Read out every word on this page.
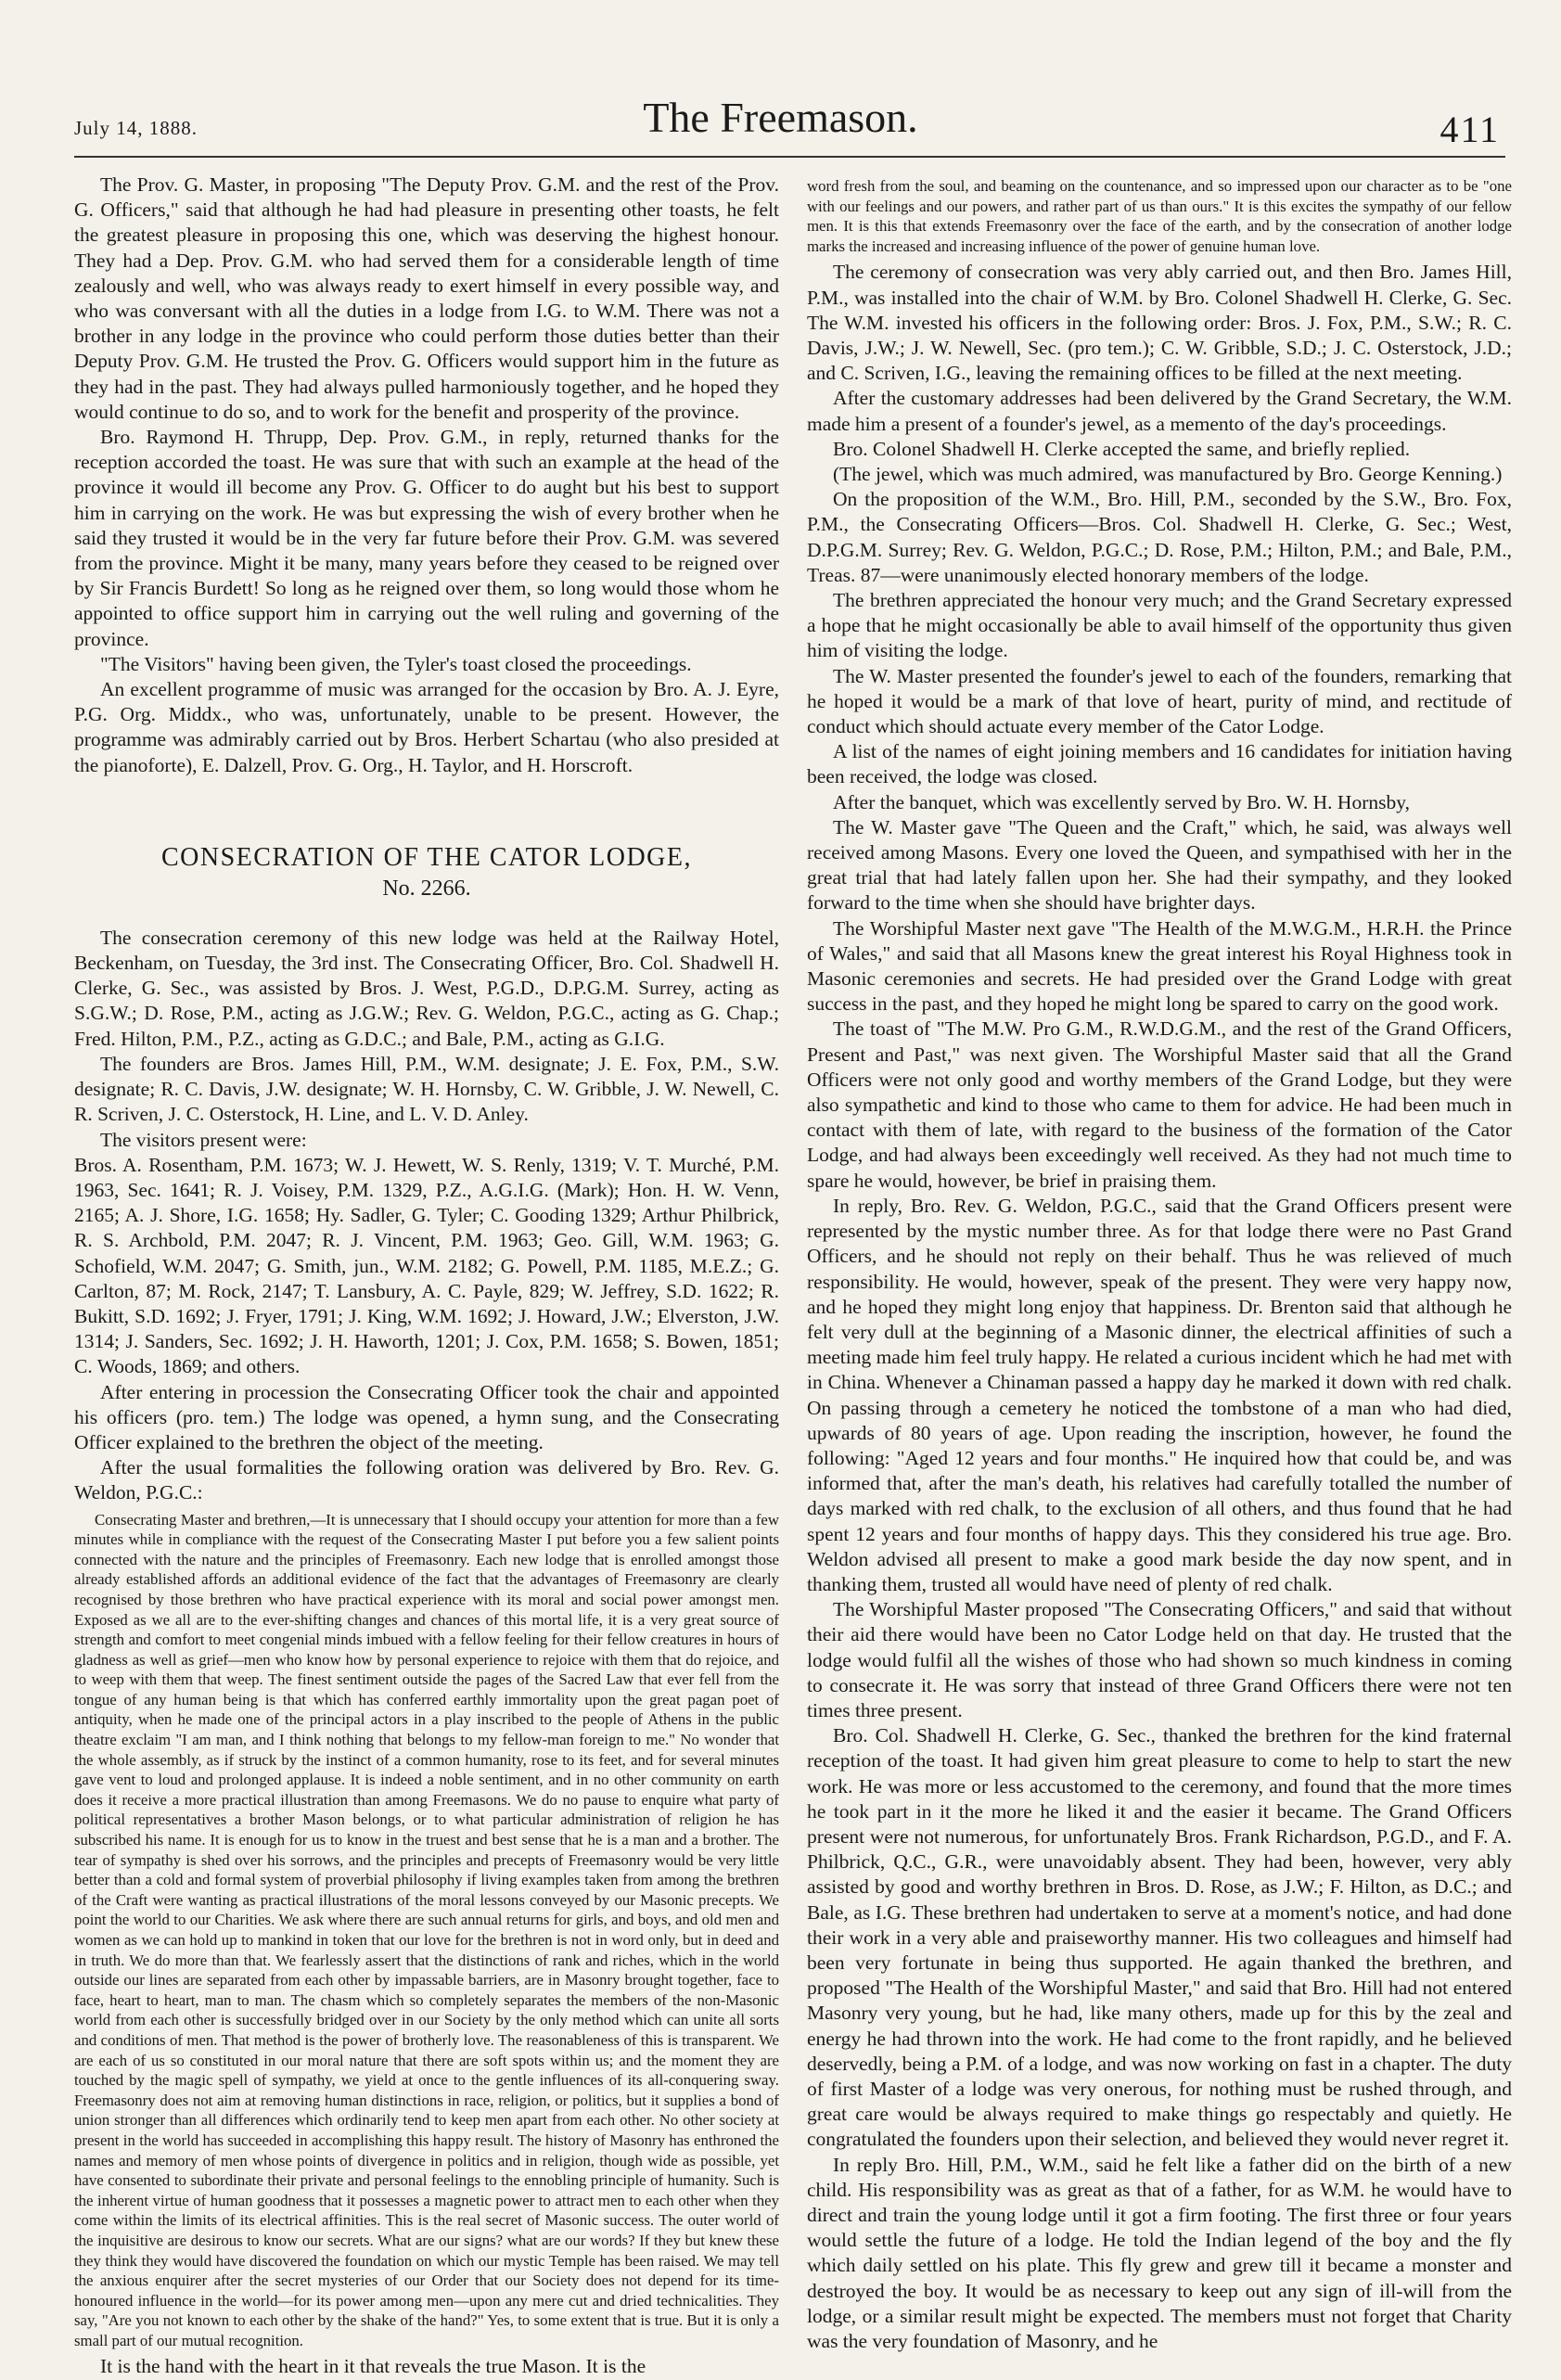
July 14, 1888.	The Freemason.	411

The Prov. G. Master, in proposing "The Deputy Prov. G.M. and the rest of the Prov. G. Officers," said that although he had had pleasure in presenting other toasts, he felt the greatest pleasure in proposing this one, which was deserving the highest honour. They had a Dep. Prov. G.M. who had served them for a considerable length of time zealously and well, who was always ready to exert himself in every possible way, and who was conversant with all the duties in a lodge from I.G. to W.M. There was not a brother in any lodge in the province who could perform those duties better than their Deputy Prov. G.M. He trusted the Prov. G. Officers would support him in the future as they had in the past. They had always pulled harmoniously together, and he hoped they would continue to do so, and to work for the benefit and prosperity of the province.

Bro. Raymond H. Thrupp, Dep. Prov. G.M., in reply, returned thanks for the reception accorded the toast. He was sure that with such an example at the head of the province it would ill become any Prov. G. Officer to do aught but his best to support him in carrying on the work. He was but expressing the wish of every brother when he said they trusted it would be in the very far future before their Prov. G.M. was severed from the province. Might it be many, many years before they ceased to be reigned over by Sir Francis Burdett! So long as he reigned over them, so long would those whom he appointed to office support him in carrying out the well ruling and governing of the province.

"The Visitors" having been given, the Tyler's toast closed the proceedings.

An excellent programme of music was arranged for the occasion by Bro. A. J. Eyre, P.G. Org. Middx., who was, unfortunately, unable to be present. However, the programme was admirably carried out by Bros. Herbert Schartau (who also presided at the pianoforte), E. Dalzell, Prov. G. Org., H. Taylor, and H. Horscroft.

CONSECRATION OF THE CATOR LODGE,
No. 2266.

The consecration ceremony of this new lodge was held at the Railway Hotel, Beckenham, on Tuesday, the 3rd inst. The Consecrating Officer, Bro. Col. Shadwell H. Clerke, G. Sec., was assisted by Bros. J. West, P.G.D., D.P.G.M. Surrey, acting as S.G.W.; D. Rose, P.M., acting as J.G.W.; Rev. G. Weldon, P.G.C., acting as G. Chap.; Fred. Hilton, P.M., P.Z., acting as G.D.C.; and Bale, P.M., acting as G.I.G.

The founders are Bros. James Hill, P.M., W.M. designate; J. E. Fox, P.M., S.W. designate; R. C. Davis, J.W. designate; W. H. Hornsby, C. W. Gribble, J. W. Newell, C. R. Scriven, J. C. Osterstock, H. Line, and L. V. D. Anley.

The visitors present were:

Bros. A. Rosentham, P.M. 1673; W. J. Hewett, W. S. Renly, 1319; V. T. Murché, P.M. 1963, Sec. 1641; R. J. Voisey, P.M. 1329, P.Z., A.G.I.G. (Mark); Hon. H. W. Venn, 2165; A. J. Shore, I.G. 1658; Hy. Sadler, G. Tyler; C. Gooding 1329; Arthur Philbrick, R. S. Archbold, P.M. 2047; R. J. Vincent, P.M. 1963; Geo. Gill, W.M. 1963; G. Schofield, W.M. 2047; G. Smith, jun., W.M. 2182; G. Powell, P.M. 1185, M.E.Z.; G. Carlton, 87; M. Rock, 2147; T. Lansbury, A. C. Payle, 829; W. Jeffrey, S.D. 1622; R. Bukitt, S.D. 1692; J. Fryer, 1791; J. King, W.M. 1692; J. Howard, J.W.; Elverston, J.W. 1314; J. Sanders, Sec. 1692; J. H. Haworth, 1201; J. Cox, P.M. 1658; S. Bowen, 1851; C. Woods, 1869; and others.

After entering in procession the Consecrating Officer took the chair and appointed his officers (pro. tem.) The lodge was opened, a hymn sung, and the Consecrating Officer explained to the brethren the object of the meeting.

After the usual formalities the following oration was delivered by Bro. Rev. G. Weldon, P.G.C.:

Consecrating Master and brethren,—It is unnecessary that I should occupy your attention for more than a few minutes while in compliance with the request of the Consecrating Master I put before you a few salient points connected with the nature and the principles of Freemasonry. Each new lodge that is enrolled amongst those already established affords an additional evidence of the fact that the advantages of Freemasonry are clearly recognised by those brethren who have practical experience with its moral and social power amongst men. Exposed as we all are to the ever-shifting changes and chances of this mortal life, it is a very great source of strength and comfort to meet congenial minds imbued with a fellow feeling for their fellow creatures in hours of gladness as well as grief—men who know how by personal experience to rejoice with them that do rejoice, and to weep with them that weep. The finest sentiment outside the pages of the Sacred Law that ever fell from the tongue of any human being is that which has conferred earthly immortality upon the great pagan poet of antiquity, when he made one of the principal actors in a play inscribed to the people of Athens in the public theatre exclaim "I am man, and I think nothing that belongs to my fellow-man foreign to me." No wonder that the whole assembly, as if struck by the instinct of a common humanity, rose to its feet, and for several minutes gave vent to loud and prolonged applause. It is indeed a noble sentiment, and in no other community on earth does it receive a more practical illustration than among Freemasons. We do no pause to enquire what party of political representatives a brother Mason belongs, or to what particular administration of religion he has subscribed his name. It is enough for us to know in the truest and best sense that he is a man and a brother. The tear of sympathy is shed over his sorrows, and the principles and precepts of Freemasonry would be very little better than a cold and formal system of proverbial philosophy if living examples taken from among the brethren of the Craft were wanting as practical illustrations of the moral lessons conveyed by our Masonic precepts. We point the world to our Charities. We ask where there are such annual returns for girls, and boys, and old men and women as we can hold up to mankind in token that our love for the brethren is not in word only, but in deed and in truth. We do more than that. We fearlessly assert that the distinctions of rank and riches, which in the world outside our lines are separated from each other by impassable barriers, are in Masonry brought together, face to face, heart to heart, man to man. The chasm which so completely separates the members of the non-Masonic world from each other is successfully bridged over in our Society by the only method which can unite all sorts and conditions of men. That method is the power of brotherly love. The reasonableness of this is transparent. We are each of us so constituted in our moral nature that there are soft spots within us; and the moment they are touched by the magic spell of sympathy, we yield at once to the gentle influences of its all-conquering sway. Freemasonry does not aim at removing human distinctions in race, religion, or politics, but it supplies a bond of union stronger than all differences which ordinarily tend to keep men apart from each other. No other society at present in the world has succeeded in accomplishing this happy result. The history of Masonry has enthroned the names and memory of men whose points of divergence in politics and in religion, though wide as possible, yet have consented to subordinate their private and personal feelings to the ennobling principle of humanity. Such is the inherent virtue of human goodness that it possesses a magnetic power to attract men to each other when they come within the limits of its electrical affinities. This is the real secret of Masonic success. The outer world of the inquisitive are desirous to know our secrets. What are our signs? what are our words? If they but knew these they think they would have discovered the foundation on which our mystic Temple has been raised. We may tell the anxious enquirer after the secret mysteries of our Order that our Society does not depend for its time-honoured influence in the world—for its power among men—upon any mere cut and dried technicalities. They say, "Are you not known to each other by the shake of the hand?" Yes, to some extent that is true. But it is only a small part of our mutual recognition.

It is the hand with the heart in it that reveals the true Mason. It is the

word fresh from the soul, and beaming on the countenance, and so impressed upon our character as to be "one with our feelings and our powers, and rather part of us than ours." It is this excites the sympathy of our fellow men. It is this that extends Freemasonry over the face of the earth, and by the consecration of another lodge marks the increased and increasing influence of the power of genuine human love.

The ceremony of consecration was very ably carried out, and then Bro. James Hill, P.M., was installed into the chair of W.M. by Bro. Colonel Shadwell H. Clerke, G. Sec. The W.M. invested his officers in the following order: Bros. J. Fox, P.M., S.W.; R. C. Davis, J.W.; J. W. Newell, Sec. (pro tem.); C. W. Gribble, S.D.; J. C. Osterstock, J.D.; and C. Scriven, I.G., leaving the remaining offices to be filled at the next meeting.

After the customary addresses had been delivered by the Grand Secretary, the W.M. made him a present of a founder's jewel, as a memento of the day's proceedings.

Bro. Colonel Shadwell H. Clerke accepted the same, and briefly replied.

(The jewel, which was much admired, was manufactured by Bro. George Kenning.)

On the proposition of the W.M., Bro. Hill, P.M., seconded by the S.W., Bro. Fox, P.M., the Consecrating Officers—Bros. Col. Shadwell H. Clerke, G. Sec.; West, D.P.G.M. Surrey; Rev. G. Weldon, P.G.C.; D. Rose, P.M.; Hilton, P.M.; and Bale, P.M., Treas. 87—were unanimously elected honorary members of the lodge.

The brethren appreciated the honour very much; and the Grand Secretary expressed a hope that he might occasionally be able to avail himself of the opportunity thus given him of visiting the lodge.

The W. Master presented the founder's jewel to each of the founders, remarking that he hoped it would be a mark of that love of heart, purity of mind, and rectitude of conduct which should actuate every member of the Cator Lodge.

A list of the names of eight joining members and 16 candidates for initiation having been received, the lodge was closed.

After the banquet, which was excellently served by Bro. W. H. Hornsby,

The W. Master gave "The Queen and the Craft," which, he said, was always well received among Masons. Every one loved the Queen, and sympathised with her in the great trial that had lately fallen upon her. She had their sympathy, and they looked forward to the time when she should have brighter days.

The Worshipful Master next gave "The Health of the M.W.G.M., H.R.H. the Prince of Wales," and said that all Masons knew the great interest his Royal Highness took in Masonic ceremonies and secrets. He had presided over the Grand Lodge with great success in the past, and they hoped he might long be spared to carry on the good work.

The toast of "The M.W. Pro G.M., R.W.D.G.M., and the rest of the Grand Officers, Present and Past," was next given. The Worshipful Master said that all the Grand Officers were not only good and worthy members of the Grand Lodge, but they were also sympathetic and kind to those who came to them for advice. He had been much in contact with them of late, with regard to the business of the formation of the Cator Lodge, and had always been exceedingly well received. As they had not much time to spare he would, however, be brief in praising them.

In reply, Bro. Rev. G. Weldon, P.G.C., said that the Grand Officers present were represented by the mystic number three. As for that lodge there were no Past Grand Officers, and he should not reply on their behalf. Thus he was relieved of much responsibility. He would, however, speak of the present. They were very happy now, and he hoped they might long enjoy that happiness. Dr. Brenton said that although he felt very dull at the beginning of a Masonic dinner, the electrical affinities of such a meeting made him feel truly happy. He related a curious incident which he had met with in China. Whenever a Chinaman passed a happy day he marked it down with red chalk. On passing through a cemetery he noticed the tombstone of a man who had died, upwards of 80 years of age. Upon reading the inscription, however, he found the following: "Aged 12 years and four months." He inquired how that could be, and was informed that, after the man's death, his relatives had carefully totalled the number of days marked with red chalk, to the exclusion of all others, and thus found that he had spent 12 years and four months of happy days. This they considered his true age. Bro. Weldon advised all present to make a good mark beside the day now spent, and in thanking them, trusted all would have need of plenty of red chalk.

The Worshipful Master proposed "The Consecrating Officers," and said that without their aid there would have been no Cator Lodge held on that day. He trusted that the lodge would fulfil all the wishes of those who had shown so much kindness in coming to consecrate it. He was sorry that instead of three Grand Officers there were not ten times three present.

Bro. Col. Shadwell H. Clerke, G. Sec., thanked the brethren for the kind fraternal reception of the toast. It had given him great pleasure to come to help to start the new work. He was more or less accustomed to the ceremony, and found that the more times he took part in it the more he liked it and the easier it became. The Grand Officers present were not numerous, for unfortunately Bros. Frank Richardson, P.G.D., and F. A. Philbrick, Q.C., G.R., were unavoidably absent. They had been, however, very ably assisted by good and worthy brethren in Bros. D. Rose, as J.W.; F. Hilton, as D.C.; and Bale, as I.G. These brethren had undertaken to serve at a moment's notice, and had done their work in a very able and praiseworthy manner. His two colleagues and himself had been very fortunate in being thus supported. He again thanked the brethren, and proposed "The Health of the Worshipful Master," and said that Bro. Hill had not entered Masonry very young, but he had, like many others, made up for this by the zeal and energy he had thrown into the work. He had come to the front rapidly, and he believed deservedly, being a P.M. of a lodge, and was now working on fast in a chapter. The duty of first Master of a lodge was very onerous, for nothing must be rushed through, and great care would be always required to make things go respectably and quietly. He congratulated the founders upon their selection, and believed they would never regret it.

In reply Bro. Hill, P.M., W.M., said he felt like a father did on the birth of a new child. His responsibility was as great as that of a father, for as W.M. he would have to direct and train the young lodge until it got a firm footing. The first three or four years would settle the future of a lodge. He told the Indian legend of the boy and the fly which daily settled on his plate. This fly grew and grew till it became a monster and destroyed the boy. It would be as necessary to keep out any sign of ill-will from the lodge, or a similar result might be expected. The members must not forget that Charity was the very foundation of Masonry, and he
